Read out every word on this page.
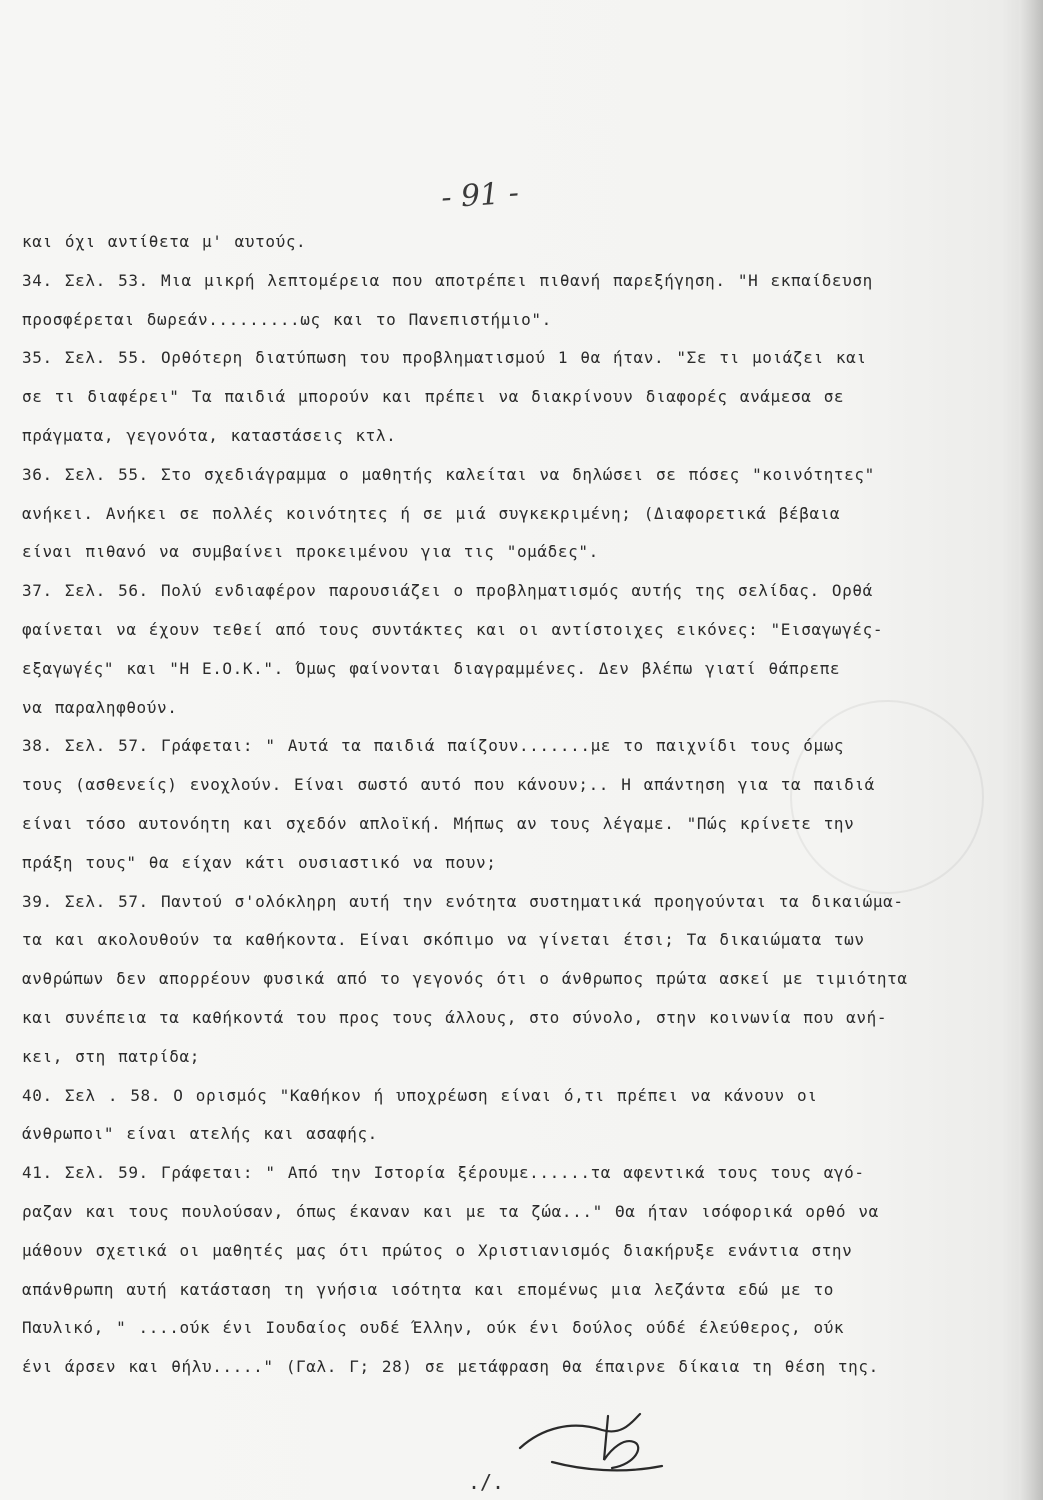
- 91 -
και όχι αντίθετα μ' αυτούς.
34. Σελ. 53. Μια μικρή λεπτομέρεια που αποτρέπει πιθανή παρεξήγηση. "Η εκπαίδευση
προσφέρεται δωρεάν.........ως και το Πανεπιστήμιο".
35. Σελ. 55. Ορθότερη διατύπωση του προβληματισμού 1 θα ήταν. "Σε τι μοιάζει και
σε τι διαφέρει" Τα παιδιά μπορούν και πρέπει να διακρίνουν διαφορές ανάμεσα σε
πράγματα, γεγονότα, καταστάσεις κτλ.
36. Σελ. 55. Στο σχεδιάγραμμα ο μαθητής καλείται να δηλώσει σε πόσες "κοινότητες"
ανήκει. Ανήκει σε πολλές κοινότητες ή σε μιά συγκεκριμένη; (Διαφορετικά βέβαια
είναι πιθανό να συμβαίνει προκειμένου για τις "ομάδες".
37. Σελ. 56. Πολύ ενδιαφέρον παρουσιάζει ο προβληματισμός αυτής της σελίδας. Ορθά
φαίνεται να έχουν τεθεί από τους συντάκτες και οι αντίστοιχες εικόνες: "Εισαγωγές-
εξαγωγές" και "Η Ε.Ο.Κ.". Όμως φαίνονται διαγραμμένες. Δεν βλέπω γιατί θάπρεπε
να παραληφθούν.
38. Σελ. 57. Γράφεται: " Αυτά τα παιδιά παίζουν.......με το παιχνίδι τους όμως
τους (ασθενείς) ενοχλούν. Είναι σωστό αυτό που κάνουν;.. Η απάντηση για τα παιδιά
είναι τόσο αυτονόητη και σχεδόν απλοϊκή. Μήπως αν τους λέγαμε. "Πώς κρίνετε την
πράξη τους" θα είχαν κάτι ουσιαστικό να πουν;
39. Σελ. 57. Παντού σ'ολόκληρη αυτή την ενότητα συστηματικά προηγούνται τα δικαιώμα-
τα και ακολουθούν τα καθήκοντα. Είναι σκόπιμο να γίνεται έτσι; Τα δικαιώματα των
ανθρώπων δεν απορρέουν φυσικά από το γεγονός ότι ο άνθρωπος πρώτα ασκεί με τιμιότητα
και συνέπεια τα καθήκοντά του προς τους άλλους, στο σύνολο, στην κοινωνία που ανή-
κει, στη πατρίδα;
40. Σελ . 58. Ο ορισμός "Καθήκον ή υποχρέωση είναι ό,τι πρέπει να κάνουν οι
άνθρωποι" είναι ατελής και ασαφής.
41. Σελ. 59. Γράφεται: " Από την Ιστορία ξέρουμε......τα αφεντικά τους τους αγό-
ραζαν και τους πουλούσαν, όπως έκαναν και με τα ζώα..." Θα ήταν ισόφορικά ορθό να
μάθουν σχετικά οι μαθητές μας ότι πρώτος ο Χριστιανισμός διακήρυξε ενάντια στην
απάνθρωπη αυτή κατάσταση τη γνήσια ισότητα και επομένως μια λεζάντα εδώ με το
Παυλικό, " ....ούκ ένι Ιουδαίος ουδέ Έλλην, ούκ ένι δούλος ούδέ έλεύθερος, ούκ
ένι άρσεν και θήλυ....." (Γαλ. Γ; 28) σε μετάφραση θα έπαιρνε δίκαια τη θέση της.
./.
